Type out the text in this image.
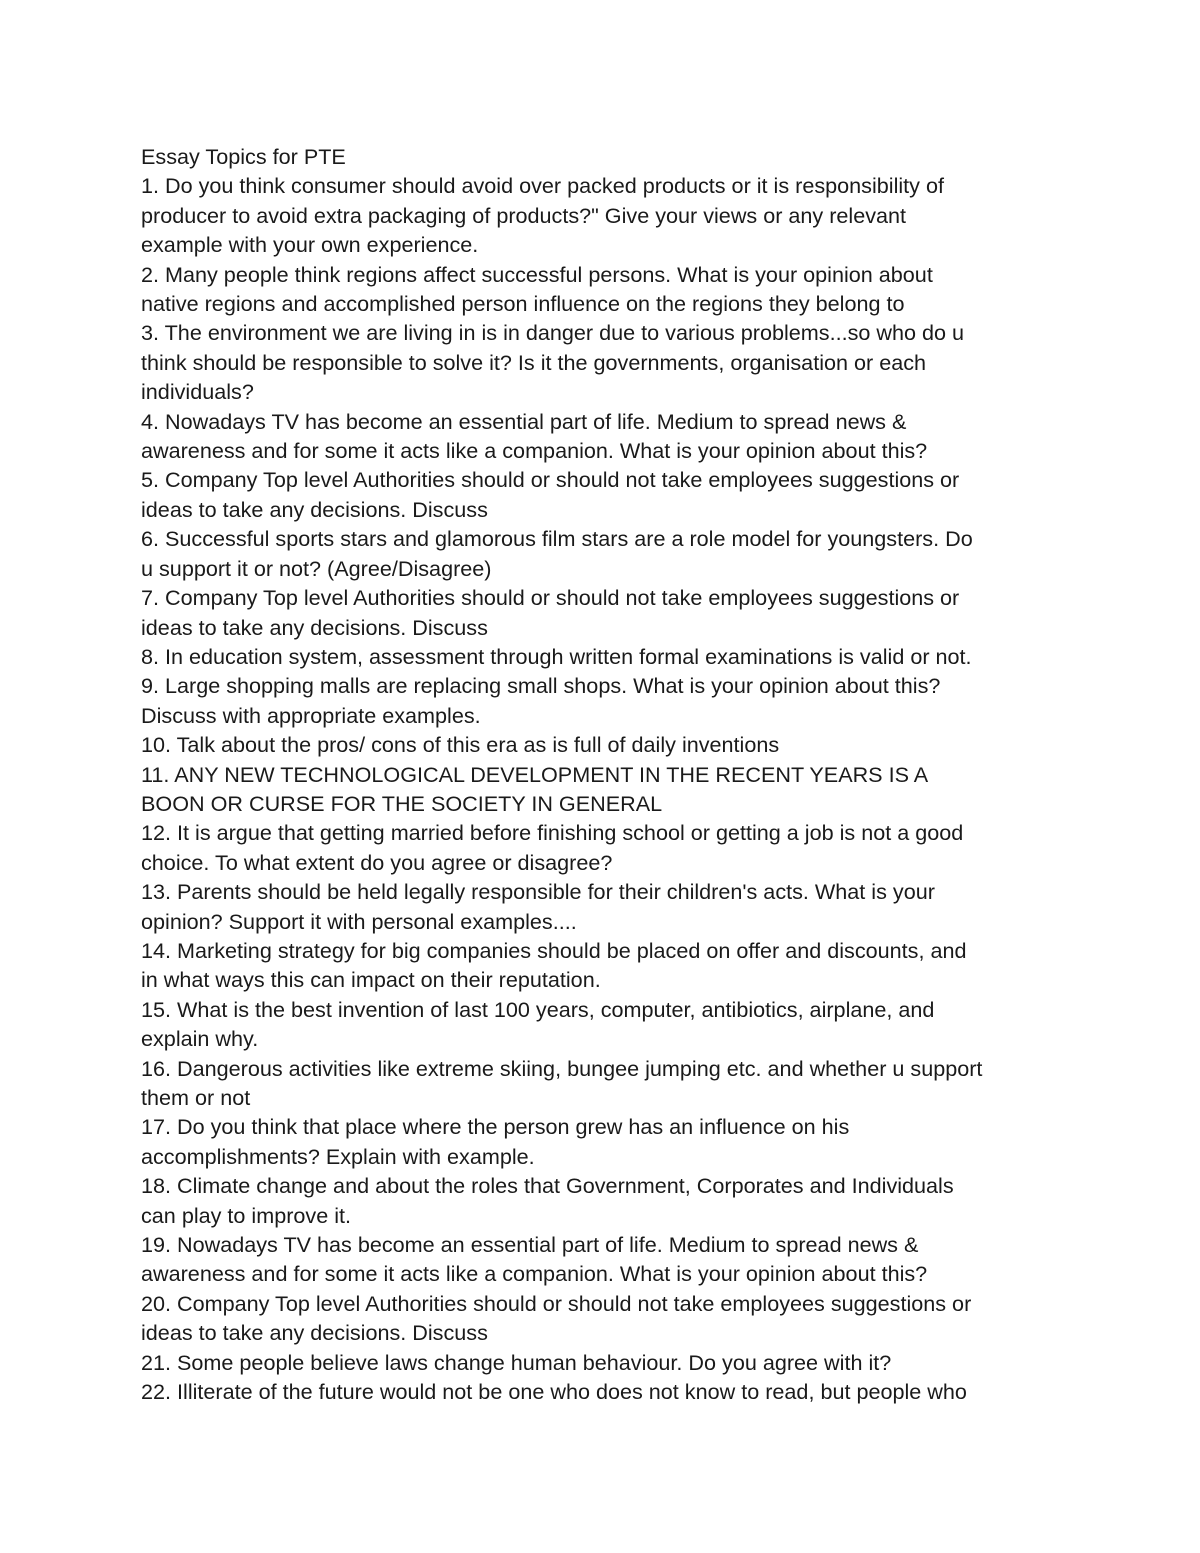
Essay Topics for PTE
1. Do you think consumer should avoid over packed products or it is responsibility of
producer to avoid extra packaging of products?" Give your views or any relevant
example with your own experience.
2. Many people think regions affect successful persons. What is your opinion about
native regions and accomplished person influence on the regions they belong to
3. The environment we are living in is in danger due to various problems...so who do u
think should be responsible to solve it? Is it the governments, organisation or each
individuals?
4. Nowadays TV has become an essential part of life. Medium to spread news &
awareness and for some it acts like a companion. What is your opinion about this?
5. Company Top level Authorities should or should not take employees suggestions or
ideas to take any decisions. Discuss
6. Successful sports stars and glamorous film stars are a role model for youngsters. Do
u support it or not? (Agree/Disagree)
7. Company Top level Authorities should or should not take employees suggestions or
ideas to take any decisions. Discuss
8. In education system, assessment through written formal examinations is valid or not.
9. Large shopping malls are replacing small shops. What is your opinion about this?
Discuss with appropriate examples.
10. Talk about the pros/ cons of this era as is full of daily inventions
11. ANY NEW TECHNOLOGICAL DEVELOPMENT IN THE RECENT YEARS IS A
BOON OR CURSE FOR THE SOCIETY IN GENERAL
12. It is argue that getting married before finishing school or getting a job is not a good
choice. To what extent do you agree or disagree?
13. Parents should be held legally responsible for their children's acts. What is your
opinion? Support it with personal examples....
14. Marketing strategy for big companies should be placed on offer and discounts, and
in what ways this can impact on their reputation.
15. What is the best invention of last 100 years, computer, antibiotics, airplane, and
explain why.
16. Dangerous activities like extreme skiing, bungee jumping etc. and whether u support
them or not
17. Do you think that place where the person grew has an influence on his
accomplishments? Explain with example.
18. Climate change and about the roles that Government, Corporates and Individuals
can play to improve it.
19. Nowadays TV has become an essential part of life. Medium to spread news &
awareness and for some it acts like a companion. What is your opinion about this?
20. Company Top level Authorities should or should not take employees suggestions or
ideas to take any decisions. Discuss
21. Some people believe laws change human behaviour. Do you agree with it?
22. Illiterate of the future would not be one who does not know to read, but people who
